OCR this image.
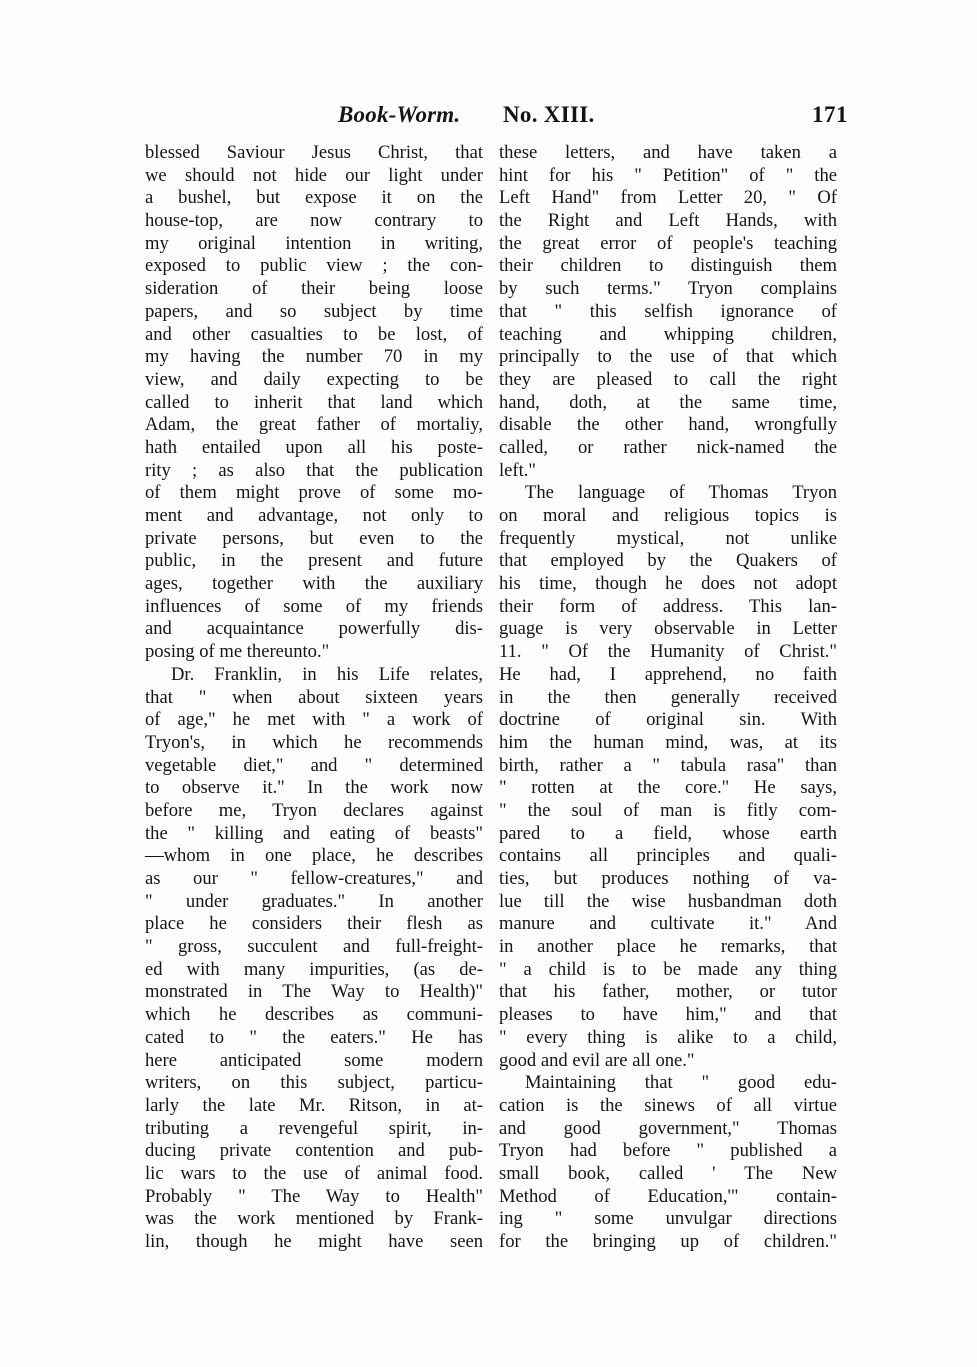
Book-Worm. No. XIII.	171
blessed Saviour Jesus Christ, that
we should not hide our light under
a bushel, but expose it on the
house-top, are now contrary to
my original intention in writing,
exposed to public view ; the con-
sideration of their being loose
papers, and so subject by time
and other casualties to be lost, of
my having the number 70 in my
view, and daily expecting to be
called to inherit that land which
Adam, the great father of mortaliy,
hath entailed upon all his poste-
rity ; as also that the publication
of them might prove of some mo-
ment and advantage, not only to
private persons, but even to the
public, in the present and future
ages, together with the auxiliary
influences of some of my friends
and acquaintance powerfully dis-
posing of me thereunto."
Dr. Franklin, in his Life relates,
that " when about sixteen years
of age," he met with " a work of
Tryon's, in which he recommends
vegetable diet," and " determined
to observe it." In the work now
before me, Tryon declares against
the " killing and eating of beasts"
—whom in one place, he describes
as our " fellow-creatures," and
" under graduates." In another
place he considers their flesh as
" gross, succulent and full-freight-
ed with many impurities, (as de-
monstrated in The Way to Health)"
which he describes as communi-
cated to " the eaters." He has
here anticipated some modern
writers, on this subject, particu-
larly the late Mr. Ritson, in at-
tributing a revengeful spirit, in-
ducing private contention and pub-
lic wars to the use of animal food.
Probably " The Way to Health"
was the work mentioned by Frank-
lin, though he might have seen
these letters, and have taken a
hint for his " Petition" of " the
Left Hand" from Letter 20, " Of
the Right and Left Hands, with
the great error of people's teaching
their children to distinguish them
by such terms." Tryon complains
that " this selfish ignorance of
teaching and whipping children,
principally to the use of that which
they are pleased to call the right
hand, doth, at the same time,
disable the other hand, wrongfully
called, or rather nick-named the
left."
The language of Thomas Tryon
on moral and religious topics is
frequently mystical, not unlike
that employed by the Quakers of
his time, though he does not adopt
their form of address. This lan-
guage is very observable in Letter
11. " Of the Humanity of Christ."
He had, I apprehend, no faith
in the then generally received
doctrine of original sin. With
him the human mind, was, at its
birth, rather a " tabula rasa" than
" rotten at the core." He says,
" the soul of man is fitly com-
pared to a field, whose earth
contains all principles and quali-
ties, but produces nothing of va-
lue till the wise husbandman doth
manure and cultivate it." And
in another place he remarks, that
" a child is to be made any thing
that his father, mother, or tutor
pleases to have him," and that
" every thing is alike to a child,
good and evil are all one."
Maintaining that " good edu-
cation is the sinews of all virtue
and good government," Thomas
Tryon had before " published a
small book, called ' The New
Method of Education,'" contain-
ing " some unvulgar directions
for the bringing up of children."
